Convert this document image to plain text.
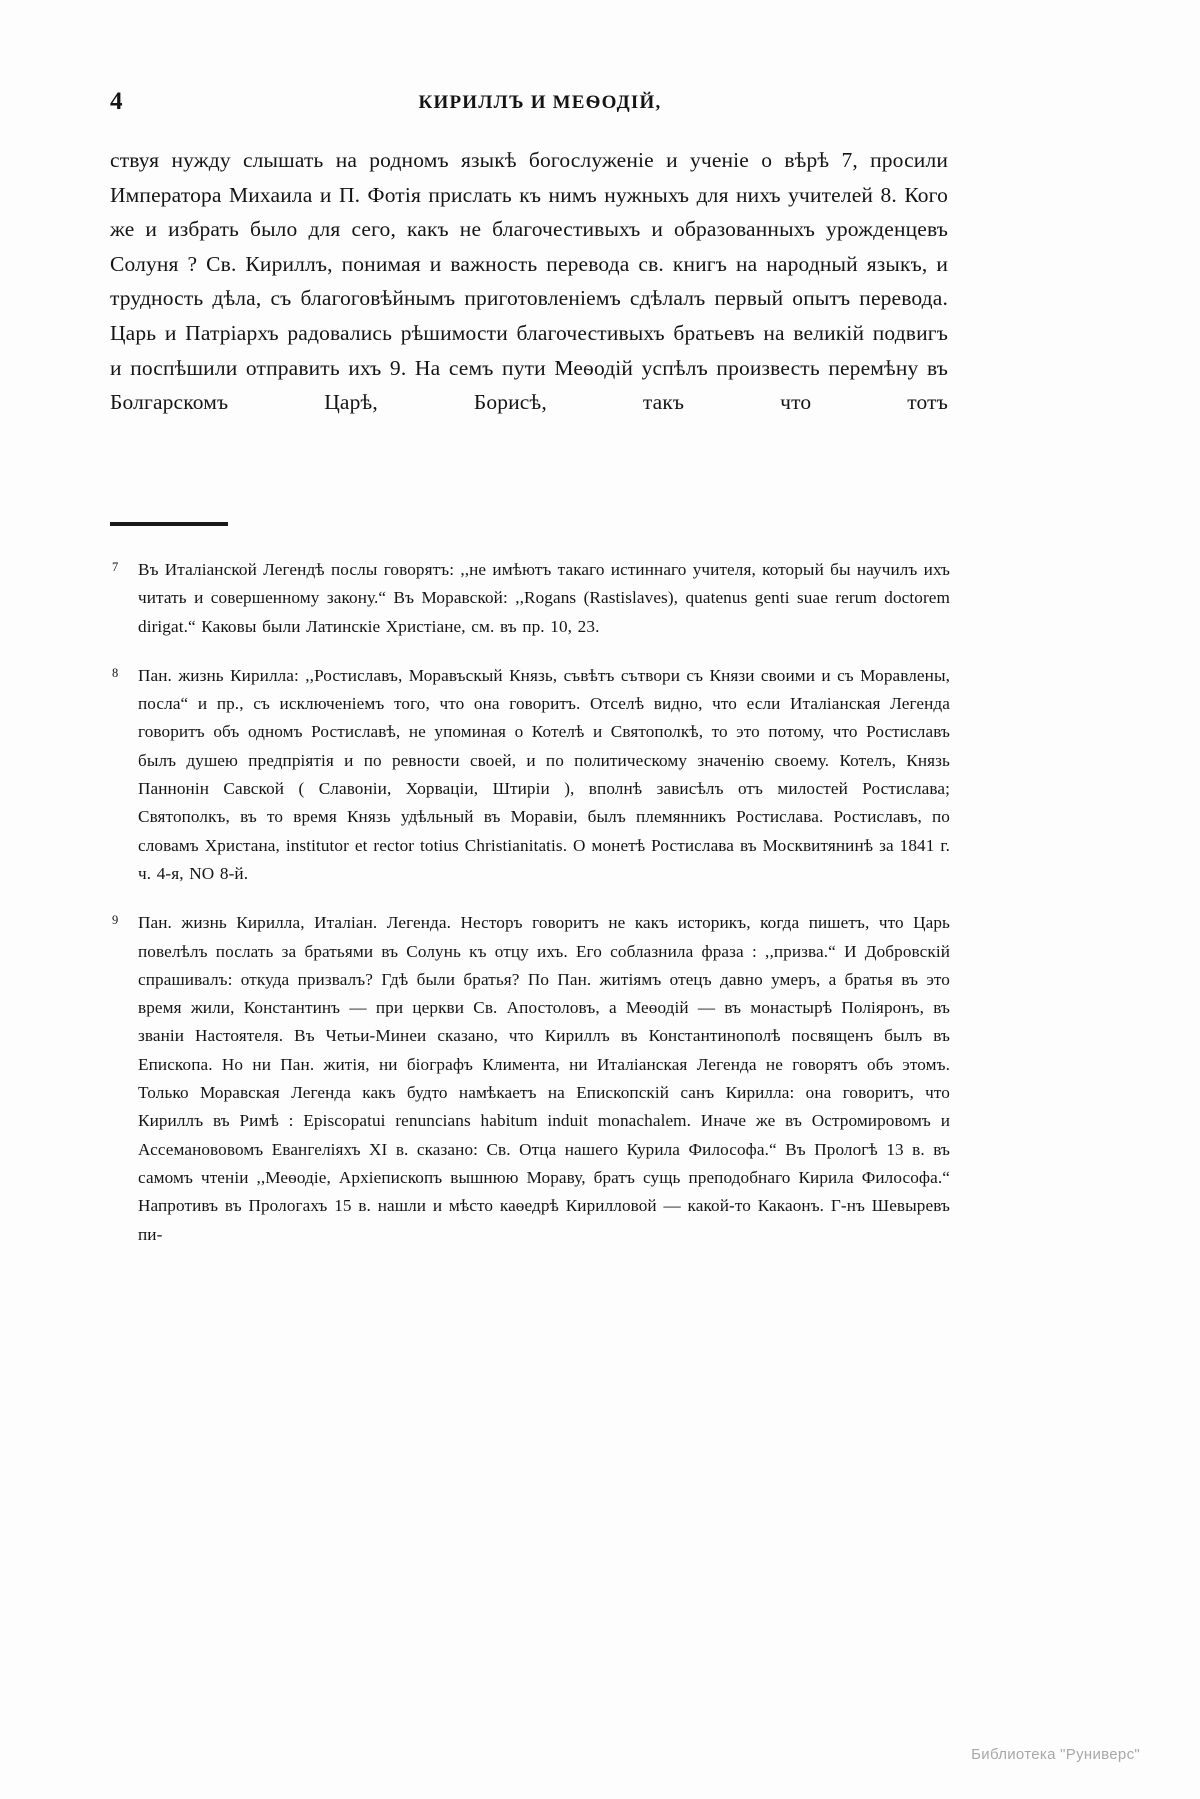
4	КИРИЛЛЪ И МЕѲОДІЙ,

ствуя нужду слышать на родномъ языкѣ богослуженіе и ученіе о вѣрѣ 7, просили Императора Михаила и П. Фотія прислать къ нимъ нужныхъ для нихъ учителей 8. Кого же и избрать было для сего, какъ не благочестивыхъ и образованныхъ урожденцевъ Солуня ? Св. Кириллъ, понимая и важность перевода св. книгъ на народный языкъ, и трудность дѣла, съ благоговѣйнымъ приготовленіемъ сдѣлалъ первый опытъ перевода. Царь и Патріархъ радовались рѣшимости благочестивыхъ братьевъ на великій подвигъ и поспѣшили отправить ихъ 9. На семъ пути Меѳодій успѣлъ произвесть перемѣну въ Болгарскомъ Царѣ, Борисѣ, такъ что тотъ

7 Въ Италіанской Легендѣ послы говорятъ: ,,не имѣютъ такаго истиннаго учителя, который бы научилъ ихъ читать и совершенному закону.“ Въ Моравской: ,,Rogans (Rastislaves), quatenus genti suae rerum doctorem dirigat.“ Каковы были Латинскіе Христіане, см. въ пр. 10, 23.
8 Пан. жизнь Кирилла: ,,Ростиславъ, Моравъскый Князь, съвѣтъ сътвори съ Князи своими и съ Моравлены, посла“ и пр., съ исключеніемъ того, что она говоритъ. Отселѣ видно, что если Италіанская Легенда говоритъ объ одномъ Ростиславѣ, не упоминая о Котелѣ и Святополкѣ, то это потому, что Ростиславъ былъ душею предпріятія и по ревности своей, и по политическому значенію своему. Котелъ, Князь Паннонін Савской ( Славоніи, Хорваціи, Штиріи ), вполнѣ зависѣлъ отъ милостей Ростислава; Святополкъ, въ то время Князь удѣльный въ Моравіи, былъ племянникъ Ростислава. Ростиславъ, по словамъ Христана, institutor et rector totius Christianitatis. О монетѣ Ростислава въ Москвитянинѣ за 1841 г. ч. 4-я, NO 8-й.
9 Пан. жизнь Кирилла, Италіан. Легенда. Несторъ говоритъ не какъ историкъ, когда пишетъ, что Царь повелѣлъ послать за братьями въ Солунь къ отцу ихъ. Его соблазнила фраза : ,,призва.“ И Добровскій спрашивалъ: откуда призвалъ? Гдѣ были братья? По Пан. житіямъ отецъ давно умеръ, а братья въ это время жили, Константинъ — при церкви Св. Апостоловъ, а Меѳодій — въ монастырѣ Поліяронъ, въ званіи Настоятеля. Въ Четьи-Минеи сказано, что Кириллъ въ Константинополѣ посвященъ былъ въ Епископа. Но ни Пан. житія, ни біографъ Климента, ни Италіанская Легенда не говорятъ объ этомъ. Только Моравская Легенда какъ будто намѣкаетъ на Епископскій санъ Кирилла: она говоритъ, что Кириллъ въ Римѣ : Episcopatui renuncians habitum induit monachalem. Иначе же въ Остромировомъ и Ассеманововомъ Евангеліяхъ XI в. сказано: Св. Отца нашего Курила Философа.“ Въ Прологѣ 13 в. въ самомъ чтеніи ,,Меѳодіе, Архіепископъ вышнюю Мораву, братъ сущь преподобнаго Кирила Философа.“ Напротивъ въ Прологахъ 15 в. нашли и мѣсто каѳедрѣ Кирилловой — какой-то Какаонъ. Г-нъ Шевыревъ пи-
Библиотека "Руниверс"
